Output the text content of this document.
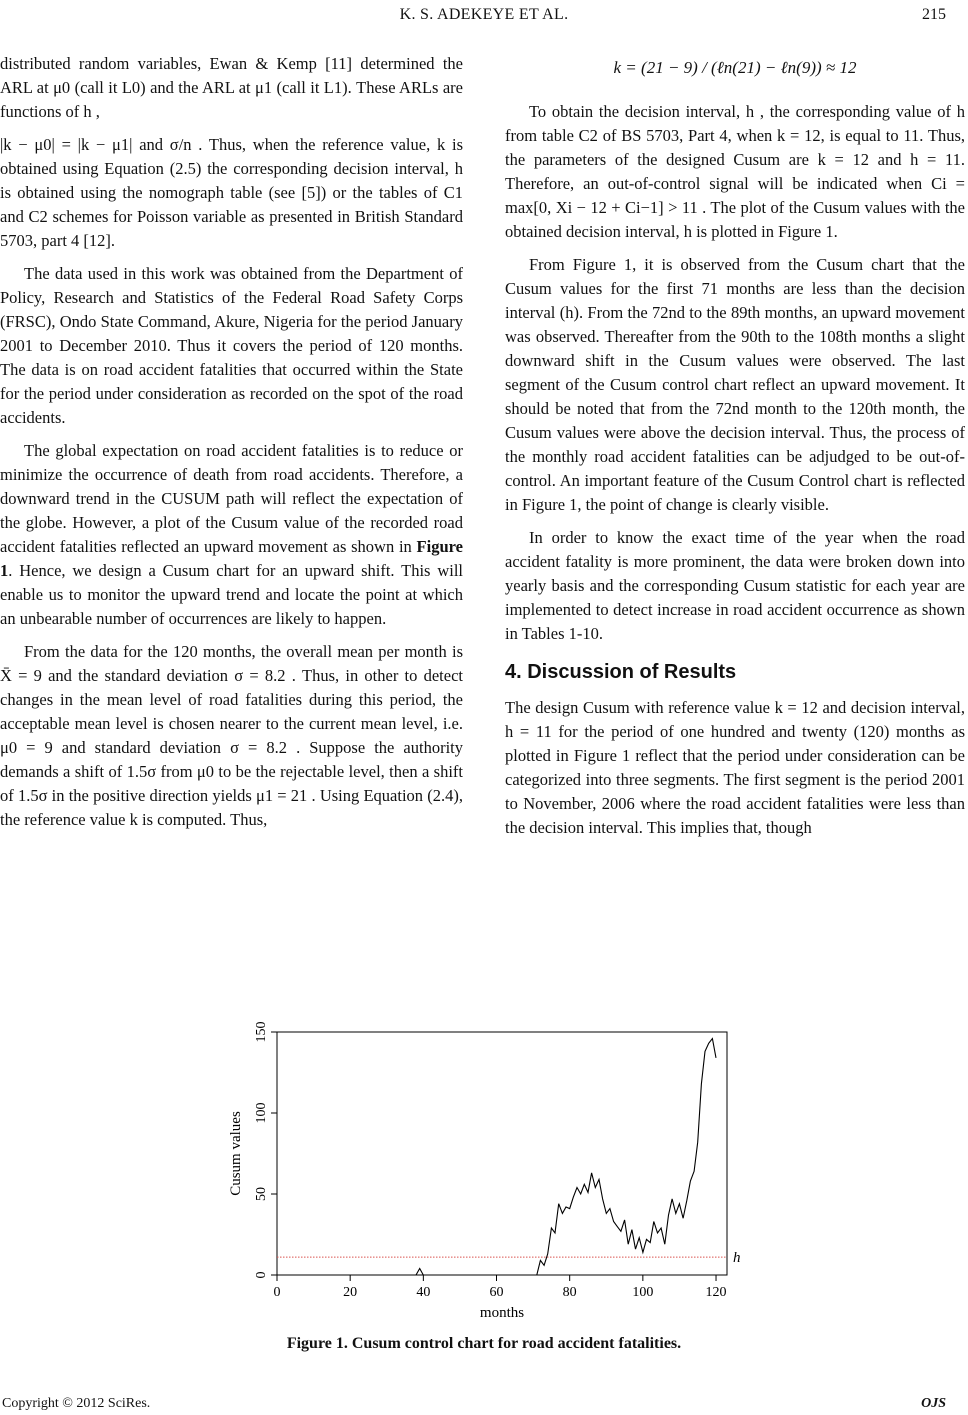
K. S. ADEKEYE ET AL.	215

distributed random variables, Ewan & Kemp [11] determined the ARL at μ0 (call it L0) and the ARL at μ1 (call it L1). These ARLs are functions of h ,

|k − μ0| = |k − μ1| and σ/n . Thus, when the reference value, k is obtained using Equation (2.5) the corresponding decision interval, h is obtained using the nomograph table (see [5]) or the tables of C1 and C2 schemes for Poisson variable as presented in British Standard 5703, part 4 [12].

The data used in this work was obtained from the Department of Policy, Research and Statistics of the Federal Road Safety Corps (FRSC), Ondo State Command, Akure, Nigeria for the period January 2001 to December 2010. Thus it covers the period of 120 months. The data is on road accident fatalities that occurred within the State for the period under consideration as recorded on the spot of the road accidents.

The global expectation on road accident fatalities is to reduce or minimize the occurrence of death from road accidents. Therefore, a downward trend in the CUSUM path will reflect the expectation of the globe. However, a plot of the Cusum value of the recorded road accident fatalities reflected an upward movement as shown in Figure 1. Hence, we design a Cusum chart for an upward shift. This will enable us to monitor the upward trend and locate the point at which an unbearable number of occurrences are likely to happen.

From the data for the 120 months, the overall mean per month is X̄ = 9 and the standard deviation σ = 8.2 . Thus, in other to detect changes in the mean level of road fatalities during this period, the acceptable mean level is chosen nearer to the current mean level, i.e. μ0 = 9 and standard deviation σ = 8.2 . Suppose the authority demands a shift of 1.5σ from μ0 to be the rejectable level, then a shift of 1.5σ in the positive direction yields μ1 = 21 . Using Equation (2.4), the reference value k is computed. Thus,

k = (21 − 9) / (ℓn(21) − ℓn(9)) ≈ 12

To obtain the decision interval, h , the corresponding value of h from table C2 of BS 5703, Part 4, when k = 12, is equal to 11. Thus, the parameters of the designed Cusum are k = 12 and h = 11. Therefore, an out-of-control signal will be indicated when Ci = max[0, Xi − 12 + Ci−1] > 11 . The plot of the Cusum values with the obtained decision interval, h is plotted in Figure 1.

From Figure 1, it is observed from the Cusum chart that the Cusum values for the first 71 months are less than the decision interval (h). From the 72nd to the 89th months, an upward movement was observed. Thereafter from the 90th to the 108th months a slight downward shift in the Cusum values were observed. The last segment of the Cusum control chart reflect an upward movement. It should be noted that from the 72nd month to the 120th month, the Cusum values were above the decision interval. Thus, the process of the monthly road accident fatalities can be adjudged to be out-of-control. An important feature of the Cusum Control chart is reflected in Figure 1, the point of change is clearly visible.

In order to know the exact time of the year when the road accident fatality is more prominent, the data were broken down into yearly basis and the corresponding Cusum statistic for each year are implemented to detect increase in road accident occurrence as shown in Tables 1-10.

4. Discussion of Results

The design Cusum with reference value k = 12 and decision interval, h = 11 for the period of one hundred and twenty (120) months as plotted in Figure 1 reflect that the period under consideration can be categorized into three segments. The first segment is the period 2001 to November, 2006 where the road accident fatalities were less than the decision interval. This implies that, though

0	20	40	60	80	100	120
0
50
100
150
months
Cusum values
h
Figure 1. Cusum control chart for road accident fatalities.
Copyright © 2012 SciRes.	OJS
